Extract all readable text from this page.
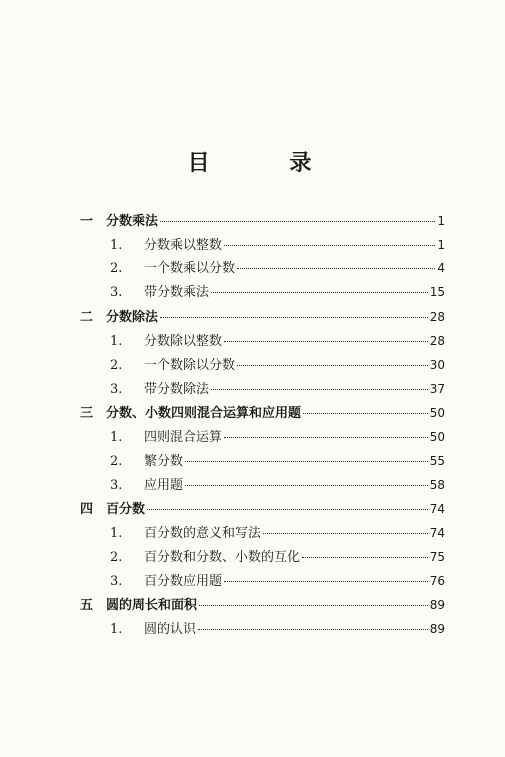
目 录
一 分数乘法	1
1.	分数乘以整数	1
2.	一个数乘以分数	4
3.	带分数乘法	15
二 分数除法	28
1.	分数除以整数	28
2.	一个数除以分数	30
3.	带分数除法	37
三 分数、小数四则混合运算和应用题	50
1.	四则混合运算	50
2.	繁分数	55
3.	应用题	58
四 百分数	74
1.	百分数的意义和写法	74
2.	百分数和分数、小数的互化	75
3.	百分数应用题	76
五 圆的周长和面积	89
1.	圆的认识	89
